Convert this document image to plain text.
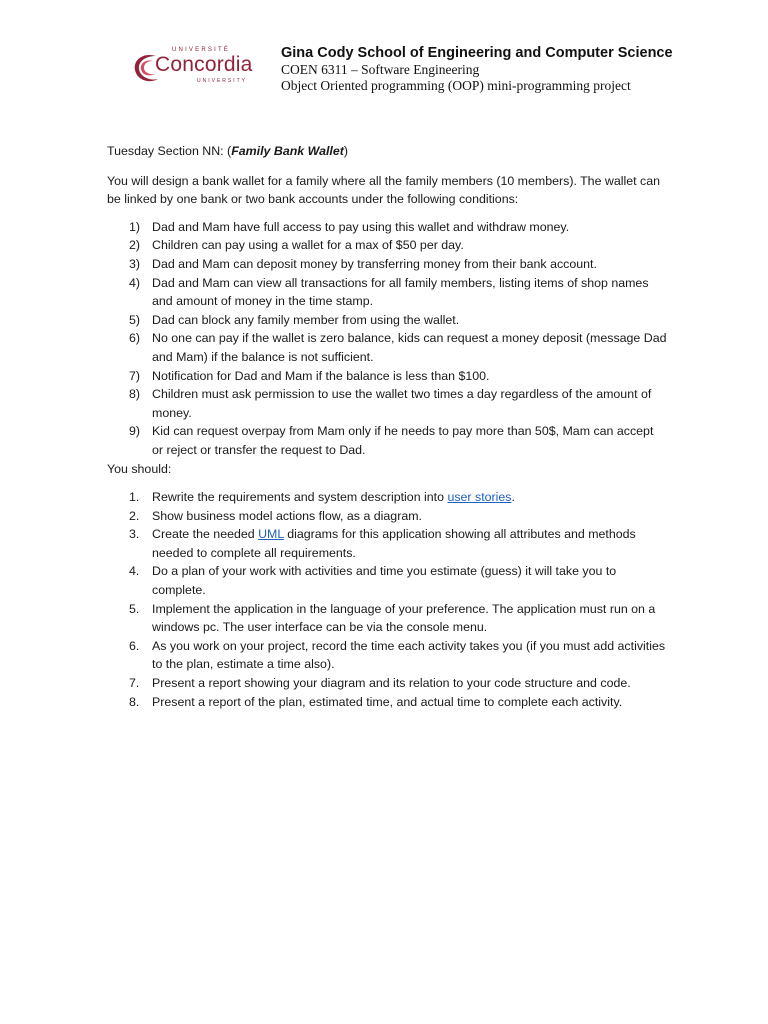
UNIVERSITÉ
Concordia
UNIVERSITY
Gina Cody School of Engineering and Computer Science
COEN 6311 – Software Engineering
Object Oriented programming (OOP) mini-programming project

Tuesday Section NN: (Family Bank Wallet)

You will design a bank wallet for a family where all the family members (10 members). The wallet can be linked by one bank or two bank accounts under the following conditions:

1) Dad and Mam have full access to pay using this wallet and withdraw money.
2) Children can pay using a wallet for a max of $50 per day.
3) Dad and Mam can deposit money by transferring money from their bank account.
4) Dad and Mam can view all transactions for all family members, listing items of shop names and amount of money in the time stamp.
5) Dad can block any family member from using the wallet.
6) No one can pay if the wallet is zero balance, kids can request a money deposit (message Dad and Mam) if the balance is not sufficient.
7) Notification for Dad and Mam if the balance is less than $100.
8) Children must ask permission to use the wallet two times a day regardless of the amount of money.
9) Kid can request overpay from Mam only if he needs to pay more than 50$, Mam can accept or reject or transfer the request to Dad.

You should:

1. Rewrite the requirements and system description into user stories.
2. Show business model actions flow, as a diagram.
3. Create the needed UML diagrams for this application showing all attributes and methods needed to complete all requirements.
4. Do a plan of your work with activities and time you estimate (guess) it will take you to complete.
5. Implement the application in the language of your preference. The application must run on a windows pc. The user interface can be via the console menu.
6. As you work on your project, record the time each activity takes you (if you must add activities to the plan, estimate a time also).
7. Present a report showing your diagram and its relation to your code structure and code.
8. Present a report of the plan, estimated time, and actual time to complete each activity.
